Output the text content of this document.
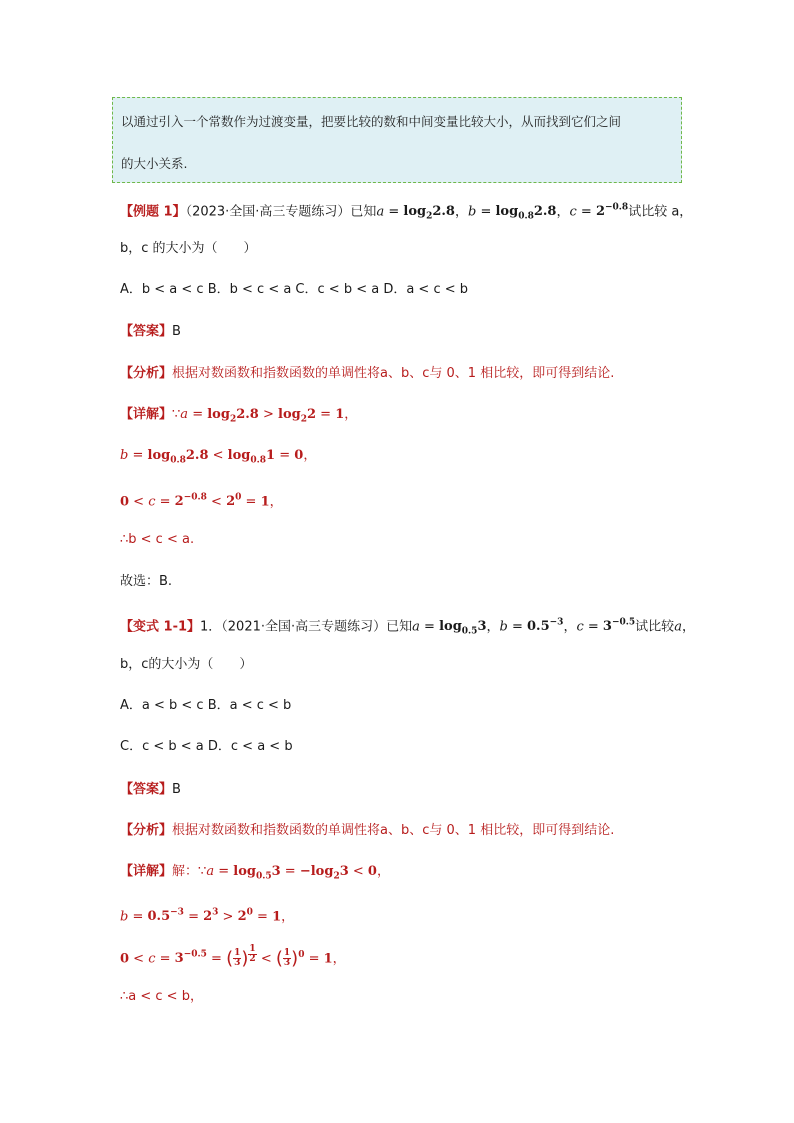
以通过引入一个常数作为过渡变量，把要比较的数和中间变量比较大小，从而找到它们之间
的大小关系.
【例题 1】（2023·全国·高三专题练习）已知$a = \log_22.8$，$b = \log_{0.8}2.8$，$c = 2^{-0.8}$试比较 a，
b，c 的大小为（　　）
A．b < a < c B．b < c < a C．c < b < a D．a < c < b
【答案】B
【分析】根据对数函数和指数函数的单调性将a、b、c与 0、1 相比较，即可得到结论.
【详解】∵a = $\log_22.8 > \log_22 = 1$，
$b = \log_{0.8}2.8 < \log_{0.8}1 = 0$，
$0 < c = 2^{-0.8} < 2^0 = 1$，
∴b < c < a.
故选：B.
【变式 1-1】1．（2021·全国·高三专题练习）已知$a = \log_{0.5}3$，$b = 0.5^{-3}$，$c = 3^{-0.5}$试比较a，
b，c的大小为（　　）
A．a < b < c B．a < c < b
C．c < b < a D．c < a < b
【答案】B
【分析】根据对数函数和指数函数的单调性将a、b、c与 0、1 相比较，即可得到结论.
【详解】解：∵a = $\log_{0.5}3 = -\log_23 < 0$，
$b = 0.5^{-3} = 2^3 > 2^0 = 1$，
$0 < c = 3^{-0.5}$ = ( $\frac{1}{3}$ ) $^{\frac{1}{2}}$ < ( $\frac{1}{3} )^0 = 1$，
∴a < c < b，
